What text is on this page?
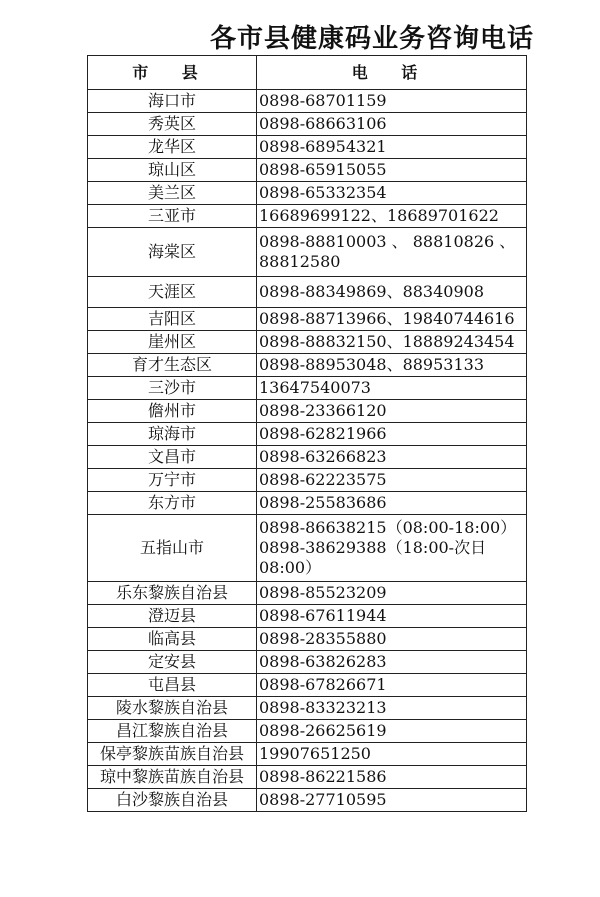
各市县健康码业务咨询电话
市 县	电 话
海口市	0898-68701159
秀英区	0898-68663106
龙华区	0898-68954321
琼山区	0898-65915055
美兰区	0898-65332354
三亚市	16689699122、18689701622
海棠区	0898-88810003 、 88810826 、88812580
天涯区	0898-88349869、88340908
吉阳区	0898-88713966、19840744616
崖州区	0898-88832150、18889243454
育才生态区	0898-88953048、88953133
三沙市	13647540073
儋州市	0898-23366120
琼海市	0898-62821966
文昌市	0898-63266823
万宁市	0898-62223575
东方市	0898-25583686
五指山市	0898-86638215（08:00-18:00）0898-38629388（18:00-次日08:00）
乐东黎族自治县	0898-85523209
澄迈县	0898-67611944
临高县	0898-28355880
定安县	0898-63826283
屯昌县	0898-67826671
陵水黎族自治县	0898-83323213
昌江黎族自治县	0898-26625619
保亭黎族苗族自治县	19907651250
琼中黎族苗族自治县	0898-86221586
白沙黎族自治县	0898-27710595
